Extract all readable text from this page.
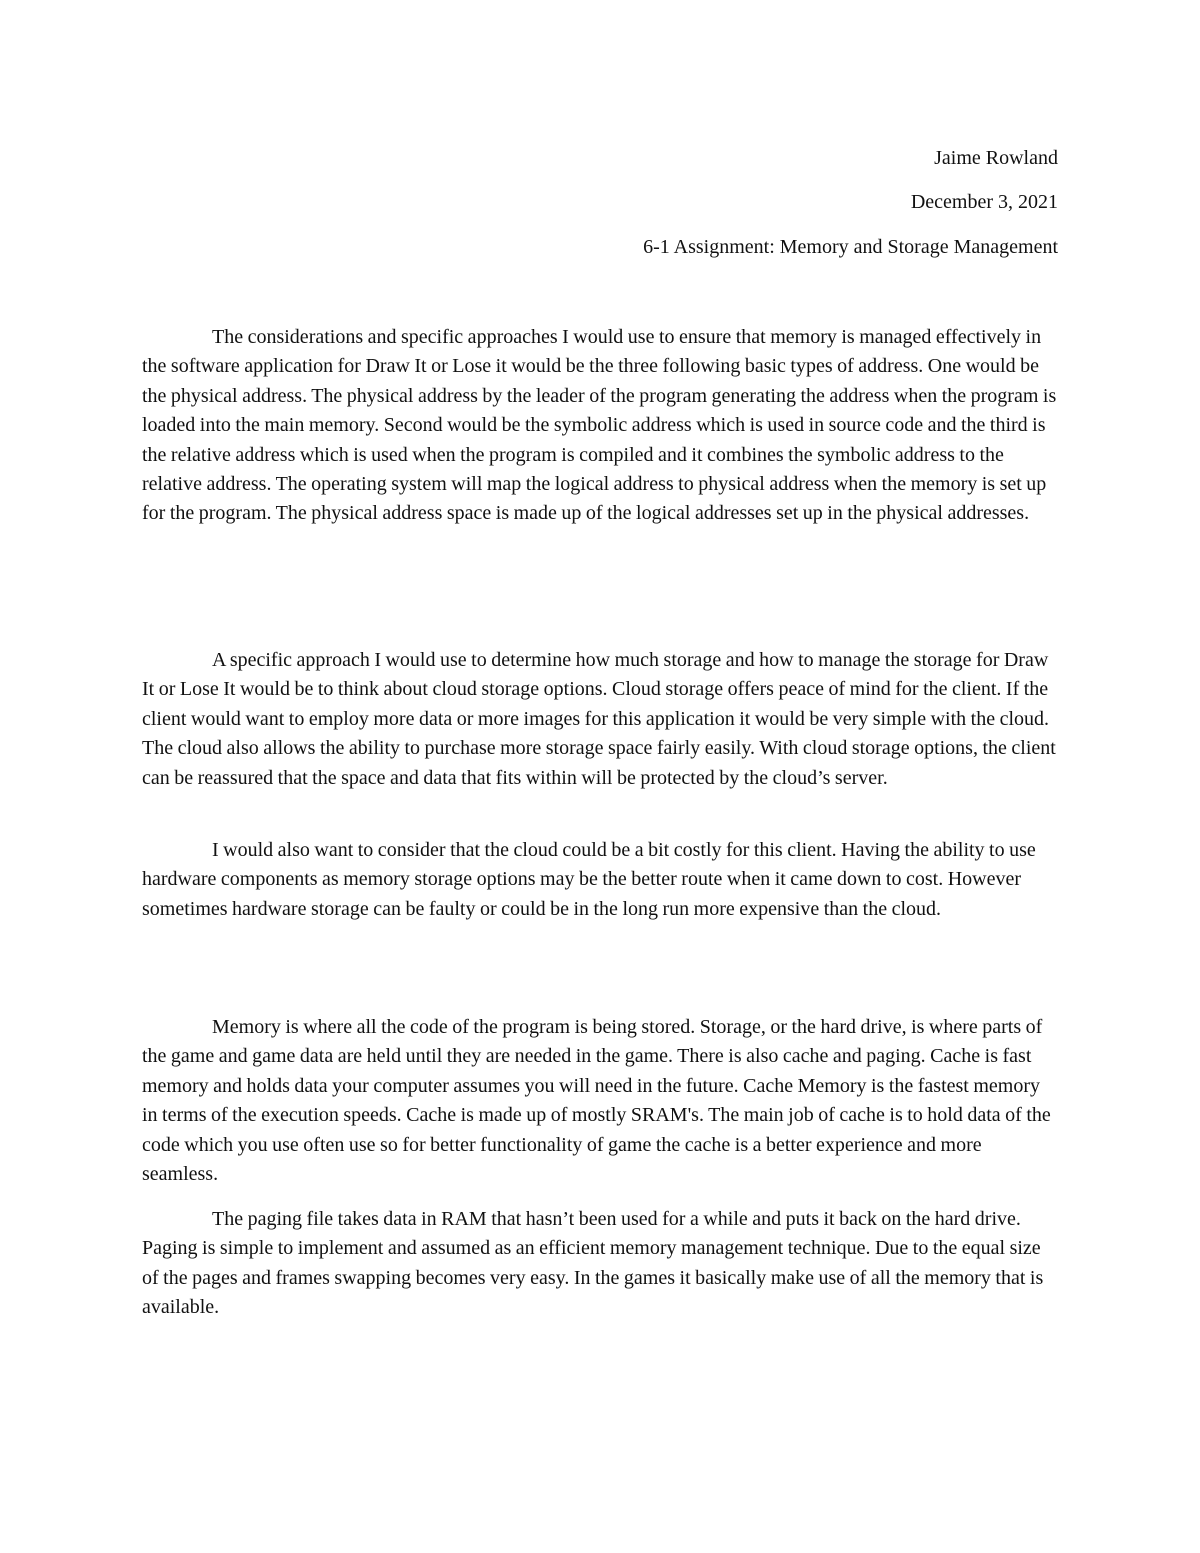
Jaime Rowland
December 3, 2021
6-1 Assignment: Memory and Storage Management

The considerations and specific approaches I would use to ensure that memory is managed effectively in the software application for Draw It or Lose it would be the three following basic types of address. One would be the physical address. The physical address by the leader of the program generating the address when the program is loaded into the main memory. Second would be the symbolic address which is used in source code and the third is the relative address which is used when the program is compiled and it combines the symbolic address to the relative address. The operating system will map the logical address to physical address when the memory is set up for the program. The physical address space is made up of the logical addresses set up in the physical addresses.

A specific approach I would use to determine how much storage and how to manage the storage for Draw It or Lose It would be to think about cloud storage options. Cloud storage offers peace of mind for the client. If the client would want to employ more data or more images for this application it would be very simple with the cloud. The cloud also allows the ability to purchase more storage space fairly easily. With cloud storage options, the client can be reassured that the space and data that fits within will be protected by the cloud’s server.

I would also want to consider that the cloud could be a bit costly for this client. Having the ability to use hardware components as memory storage options may be the better route when it came down to cost. However sometimes hardware storage can be faulty or could be in the long run more expensive than the cloud.

Memory is where all the code of the program is being stored. Storage, or the hard drive, is where parts of the game and game data are held until they are needed in the game. There is also cache and paging. Cache is fast memory and holds data your computer assumes you will need in the future. Cache Memory is the fastest memory in terms of the execution speeds. Cache is made up of mostly SRAM's. The main job of cache is to hold data of the code which you use often use so for better functionality of game the cache is a better experience and more seamless.

The paging file takes data in RAM that hasn’t been used for a while and puts it back on the hard drive. Paging is simple to implement and assumed as an efficient memory management technique. Due to the equal size of the pages and frames swapping becomes very easy. In the games it basically make use of all the memory that is available.
